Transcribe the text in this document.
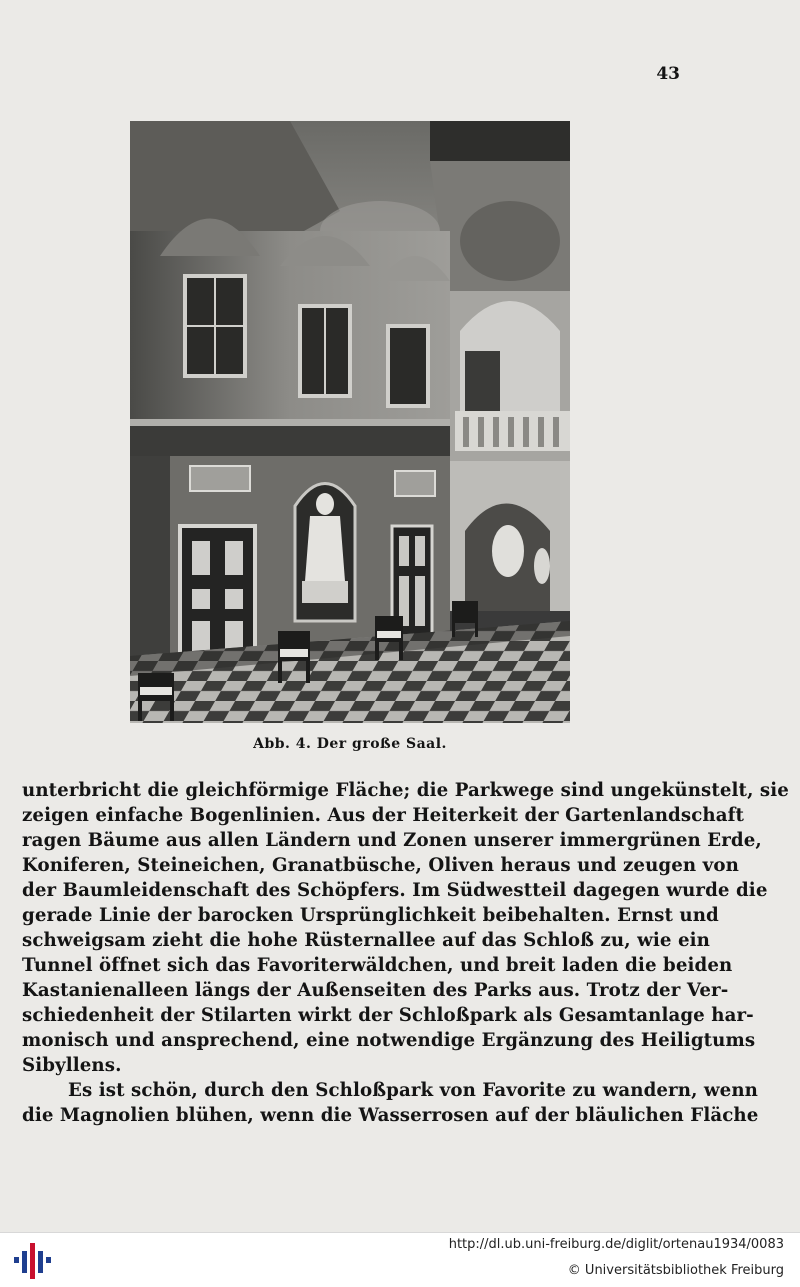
43
Abb. 4. Der große Saal.
unterbricht die gleichförmige Fläche; die Parkwege sind ungekünstelt, sie
zeigen einfache Bogenlinien. Aus der Heiterkeit der Gartenlandschaft
ragen Bäume aus allen Ländern und Zonen unserer immergrünen Erde,
Koniferen, Steineichen, Granatbüsche, Oliven heraus und zeugen von
der Baumleidenschaft des Schöpfers. Im Südwestteil dagegen wurde die
gerade Linie der barocken Ursprünglichkeit beibehalten. Ernst und
schweigsam zieht die hohe Rüsternallee auf das Schloß zu, wie ein
Tunnel öffnet sich das Favoriterwäldchen, und breit laden die beiden
Kastanienalleen längs der Außenseiten des Parks aus. Trotz der Ver-
schiedenheit der Stilarten wirkt der Schloßpark als Gesamtanlage har-
monisch und ansprechend, eine notwendige Ergänzung des Heiligtums
Sibyllens.
Es ist schön, durch den Schloßpark von Favorite zu wandern, wenn
die Magnolien blühen, wenn die Wasserrosen auf der bläulichen Fläche
http://dl.ub.uni-freiburg.de/diglit/ortenau1934/0083
© Universitätsbibliothek Freiburg
